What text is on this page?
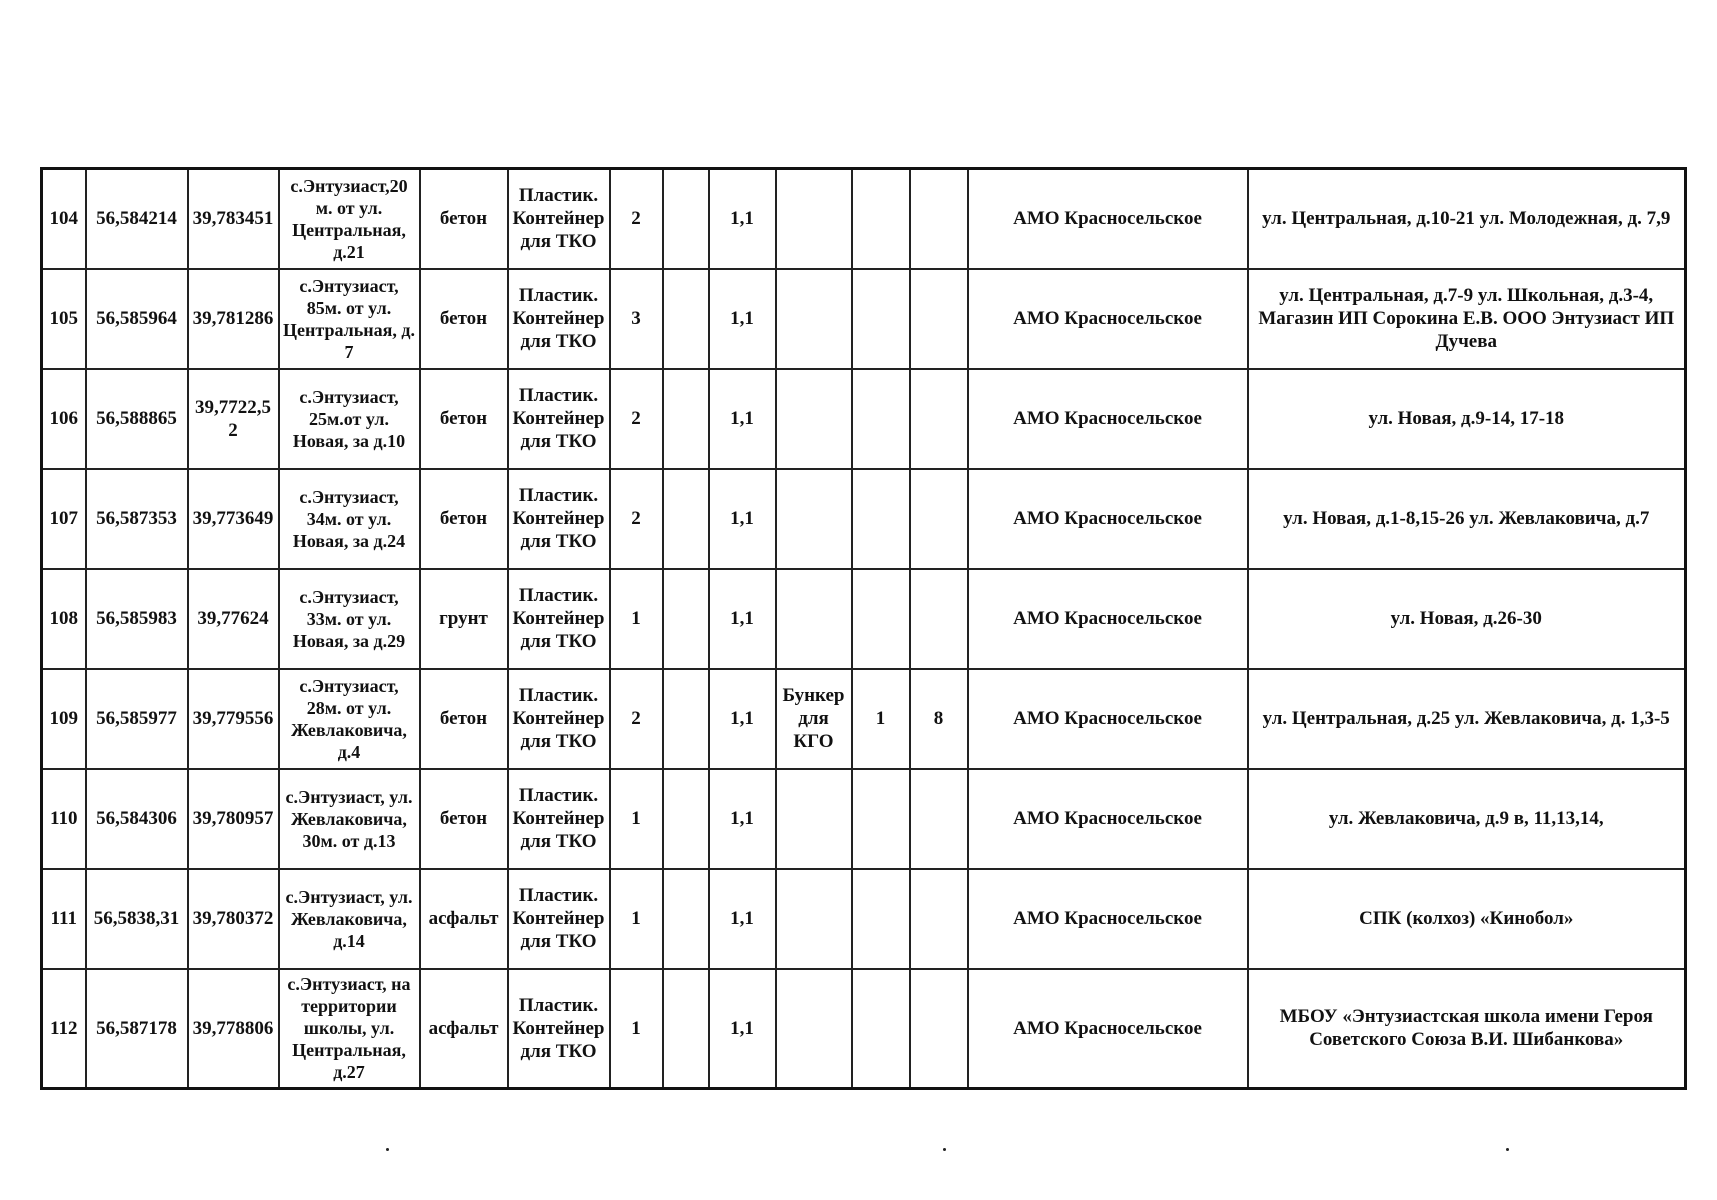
104	56,584214	39,783451	с.Энтузиаст,20 м. от ул. Центральная, д.21	бетон	Пластик. Контейнер для ТКО	2		1,1				АМО Красносельское	ул. Центральная, д.10-21 ул. Молодежная, д. 7,9
105	56,585964	39,781286	с.Энтузиаст, 85м. от ул. Центральная, д. 7	бетон	Пластик. Контейнер для ТКО	3		1,1				АМО Красносельское	ул. Центральная, д.7-9 ул. Школьная, д.3-4, Магазин ИП Сорокина Е.В. ООО Энтузиаст ИП Дучева
106	56,588865	39,7722,5 2	с.Энтузиаст, 25м.от ул. Новая, за д.10	бетон	Пластик. Контейнер для ТКО	2		1,1				АМО Красносельское	ул. Новая, д.9-14, 17-18
107	56,587353	39,773649	с.Энтузиаст, 34м. от ул. Новая, за д.24	бетон	Пластик. Контейнер для ТКО	2		1,1				АМО Красносельское	ул. Новая, д.1-8,15-26 ул. Жевлаковича, д.7
108	56,585983	39,77624	с.Энтузиаст, 33м. от ул. Новая, за д.29	грунт	Пластик. Контейнер для ТКО	1		1,1				АМО Красносельское	ул. Новая, д.26-30
109	56,585977	39,779556	с.Энтузиаст, 28м. от ул. Жевлаковича, д.4	бетон	Пластик. Контейнер для ТКО	2		1,1	Бункер для КГО	1	8	АМО Красносельское	ул. Центральная, д.25 ул. Жевлаковича, д. 1,3-5
110	56,584306	39,780957	с.Энтузиаст, ул. Жевлаковича, 30м. от д.13	бетон	Пластик. Контейнер для ТКО	1		1,1				АМО Красносельское	ул. Жевлаковича, д.9 в, 11,13,14,
111	56,5838,31	39,780372	с.Энтузиаст, ул. Жевлаковича, д.14	асфальт	Пластик. Контейнер для ТКО	1		1,1				АМО Красносельское	СПК (колхоз) «Кинобол»
112	56,587178	39,778806	с.Энтузиаст, на территории школы, ул. Центральная, д.27	асфальт	Пластик. Контейнер для ТКО	1		1,1				АМО Красносельское	МБОУ «Энтузиастская школа имени Героя Советского Союза В.И. Шибанкова»
